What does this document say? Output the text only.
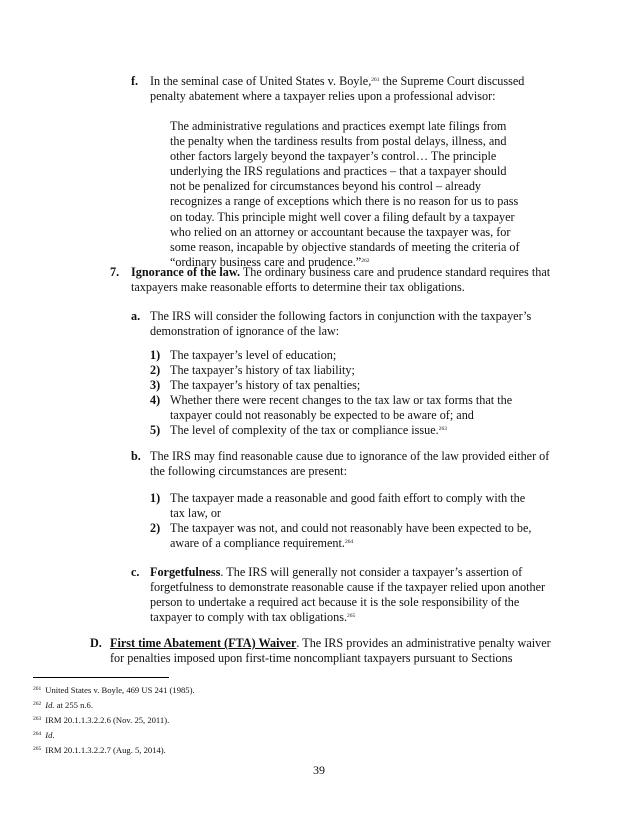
f. In the seminal case of United States v. Boyle,$^{261}$ the Supreme Court discussed penalty abatement where a taxpayer relies upon a professional advisor:
The administrative regulations and practices exempt late filings from the penalty when the tardiness results from postal delays, illness, and other factors largely beyond the taxpayer’s control… The principle underlying the IRS regulations and practices – that a taxpayer should not be penalized for circumstances beyond his control – already recognizes a range of exceptions which there is no reason for us to pass on today. This principle might well cover a filing default by a taxpayer who relied on an attorney or accountant because the taxpayer was, for some reason, incapable by objective standards of meeting the criteria of “ordinary business care and prudence.”$^{262}$
7. Ignorance of the law. The ordinary business care and prudence standard requires that taxpayers make reasonable efforts to determine their tax obligations.
a. The IRS will consider the following factors in conjunction with the taxpayer’s demonstration of ignorance of the law:
1) The taxpayer’s level of education;
2) The taxpayer’s history of tax liability;
3) The taxpayer’s history of tax penalties;
4) Whether there were recent changes to the tax law or tax forms that the taxpayer could not reasonably be expected to be aware of; and
5) The level of complexity of the tax or compliance issue.$^{263}$
b. The IRS may find reasonable cause due to ignorance of the law provided either of the following circumstances are present:
1) The taxpayer made a reasonable and good faith effort to comply with the tax law, or
2) The taxpayer was not, and could not reasonably have been expected to be, aware of a compliance requirement.$^{264}$
c. Forgetfulness. The IRS will generally not consider a taxpayer’s assertion of forgetfulness to demonstrate reasonable cause if the taxpayer relied upon another person to undertake a required act because it is the sole responsibility of the taxpayer to comply with tax obligations.$^{265}$
D. First time Abatement (FTA) Waiver. The IRS provides an administrative penalty waiver for penalties imposed upon first-time noncompliant taxpayers pursuant to Sections
$^{261}$ United States v. Boyle, 469 US 241 (1985).
$^{262}$ Id. at 255 n.6.
$^{263}$ IRM 20.1.1.3.2.2.6 (Nov. 25, 2011).
$^{264}$ Id.
$^{265}$ IRM 20.1.1.3.2.2.7 (Aug. 5, 2014).
39
